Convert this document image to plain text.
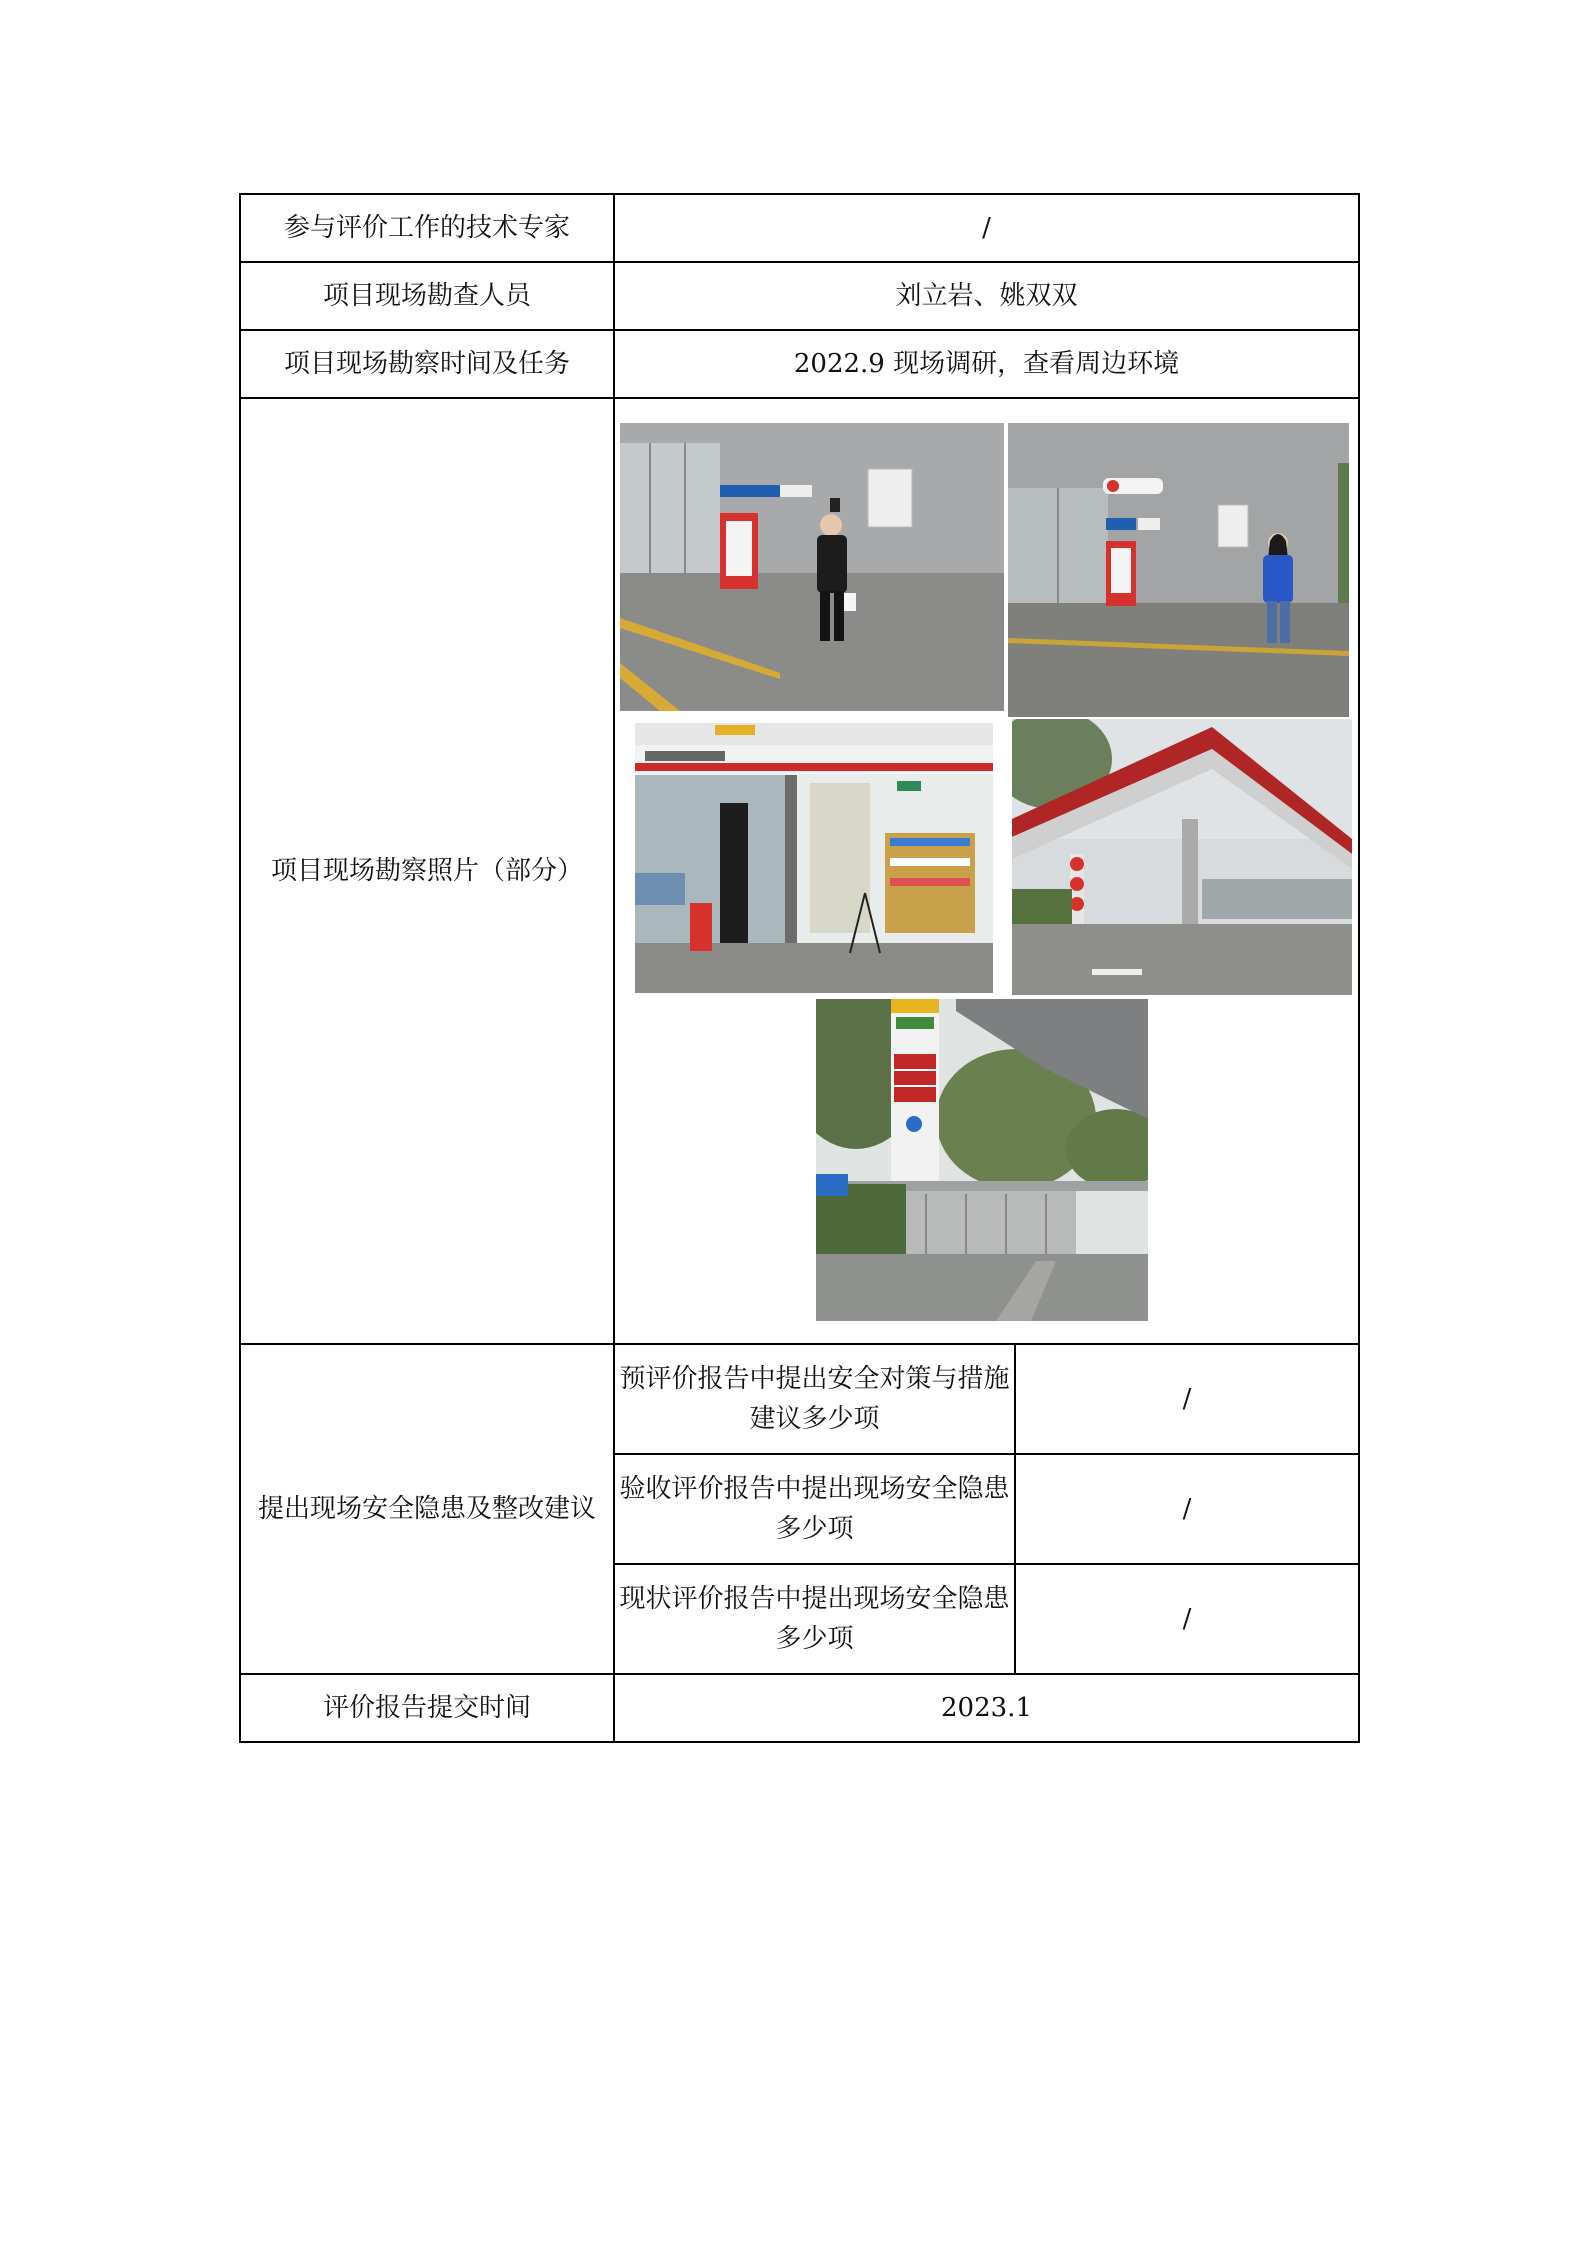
参与评价工作的技术专家	/	
项目现场勘查人员	刘立岩、姚双双	
项目现场勘察时间及任务	2022.9 现场调研，查看周边环境	
项目现场勘察照片（部分）	

提出现场安全隐患及整改建议	预评价报告中提出安全对策与措施建议多少项	/
	验收评价报告中提出现场安全隐患多少项	/
	现状评价报告中提出现场安全隐患多少项	/
评价报告提交时间	2023.1	
